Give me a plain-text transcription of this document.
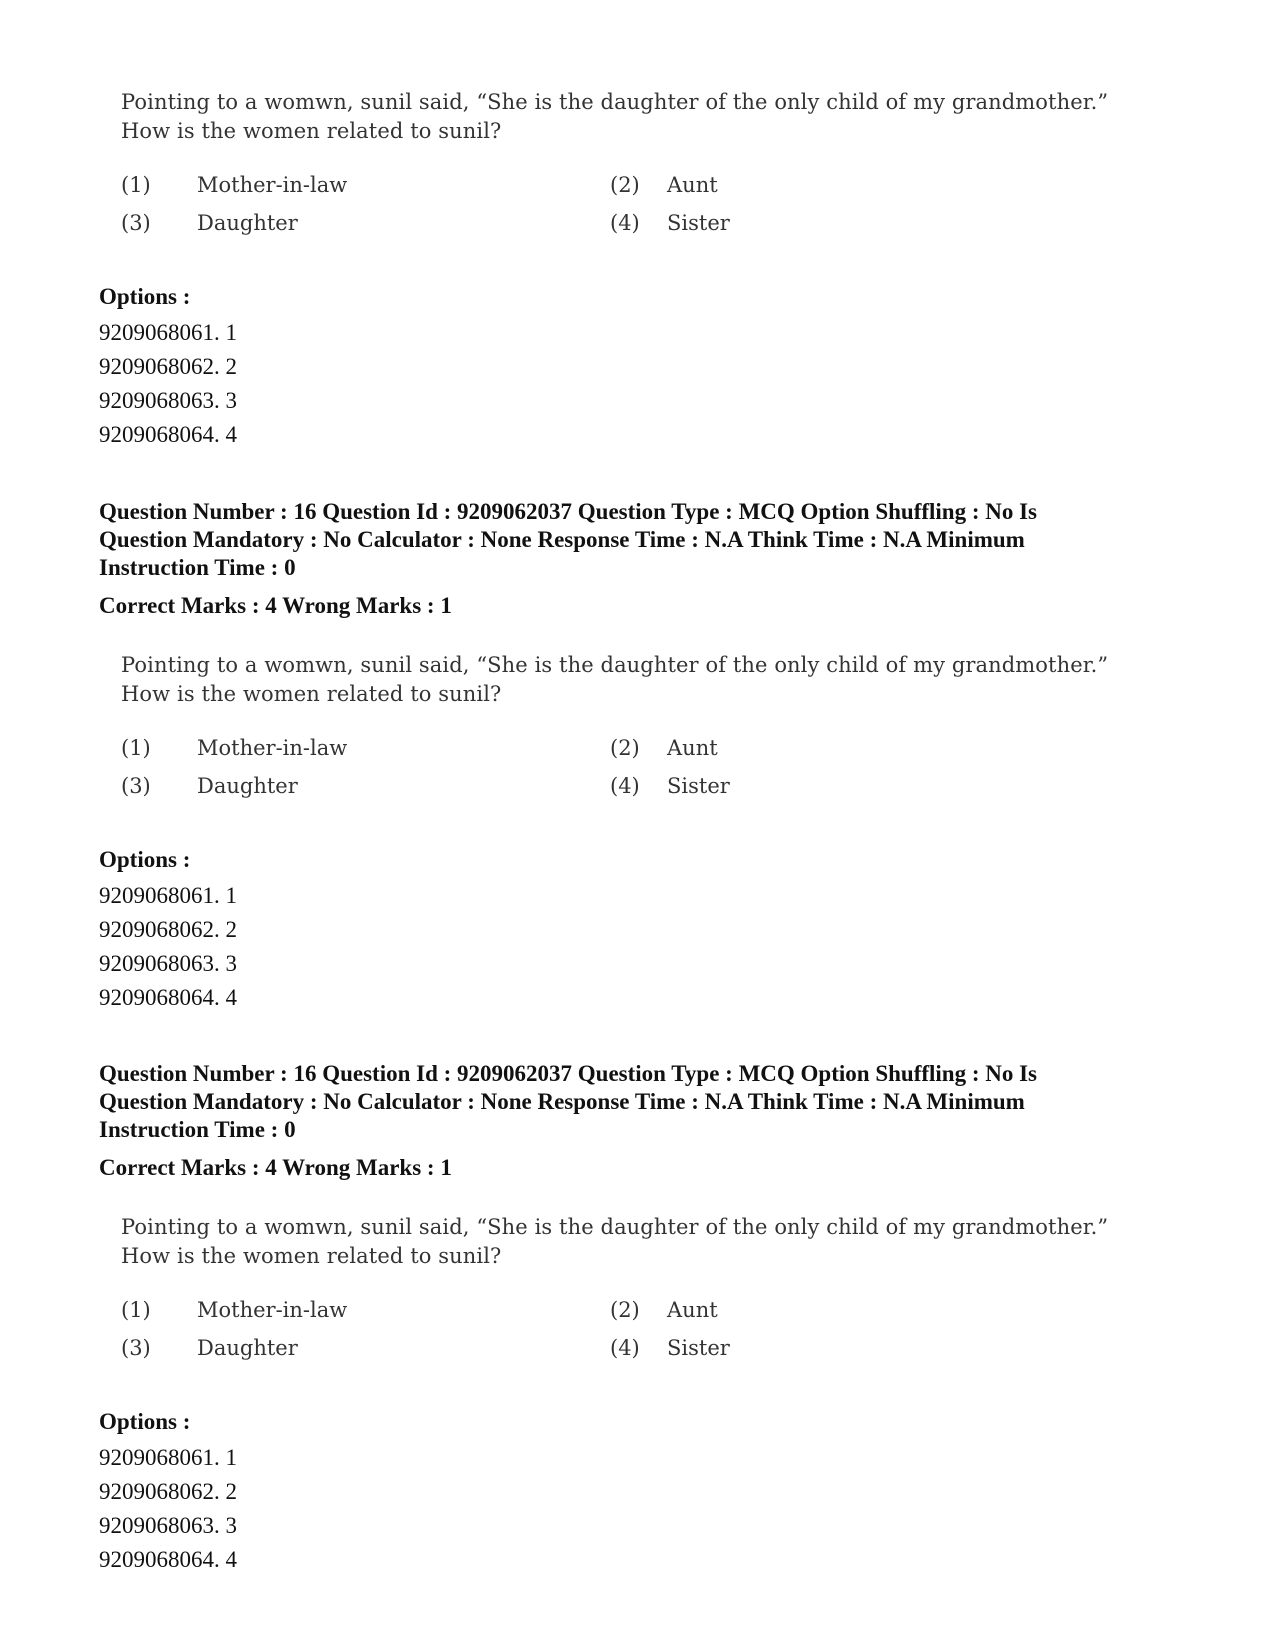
Pointing to a womwn, sunil said, “She is the daughter of the only child of my grandmother.”

How is the women related to sunil?

(1) Mother-in-law	(2) Aunt
(3) Daughter	(4) Sister

Options :

9209068061. 1
9209068062. 2
9209068063. 3
9209068064. 4
Question Number : 16 Question Id : 9209062037 Question Type : MCQ Option Shuffling : No Is
Question Mandatory : No Calculator : None Response Time : N.A Think Time : N.A Minimum
Instruction Time : 0

Correct Marks : 4 Wrong Marks : 1

Pointing to a womwn, sunil said, “She is the daughter of the only child of my grandmother.”

How is the women related to sunil?

(1) Mother-in-law	(2) Aunt
(3) Daughter	(4) Sister

Options :

9209068061. 1
9209068062. 2
9209068063. 3
9209068064. 4
Question Number : 16 Question Id : 9209062037 Question Type : MCQ Option Shuffling : No Is
Question Mandatory : No Calculator : None Response Time : N.A Think Time : N.A Minimum
Instruction Time : 0

Correct Marks : 4 Wrong Marks : 1

Pointing to a womwn, sunil said, “She is the daughter of the only child of my grandmother.”

How is the women related to sunil?

(1) Mother-in-law	(2) Aunt
(3) Daughter	(4) Sister

Options :

9209068061. 1
9209068062. 2
9209068063. 3
9209068064. 4
